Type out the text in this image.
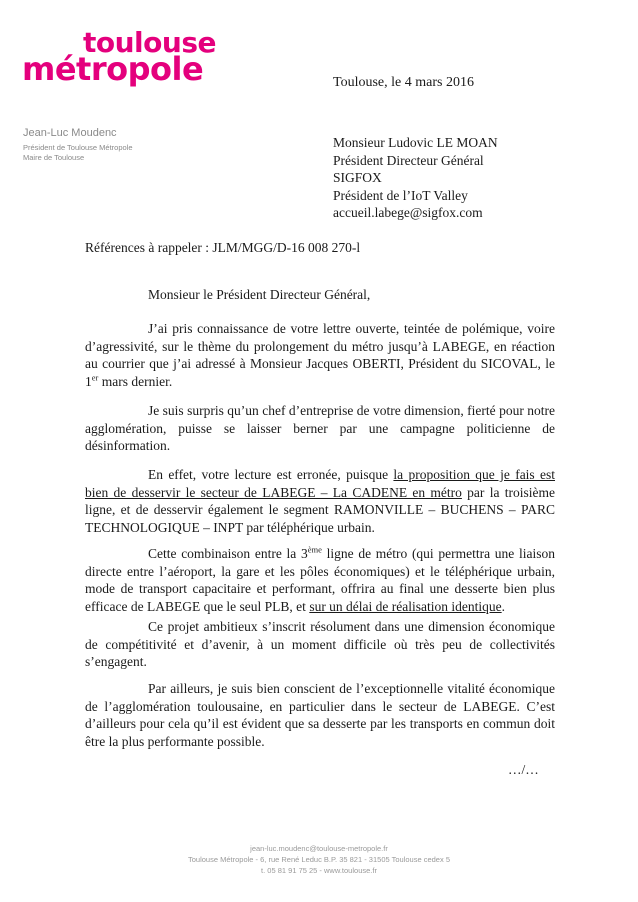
toulouse
métropole
Jean-Luc Moudenc
Président de Toulouse Métropole
Maire de Toulouse
Toulouse, le 4 mars 2016
Monsieur Ludovic LE MOAN
Président Directeur Général
SIGFOX
Président de l’IoT Valley
accueil.labege@sigfox.com
Références à rappeler : JLM/MGG/D-16 008 270-l
Monsieur le Président Directeur Général,

J’ai pris connaissance de votre lettre ouverte, teintée de polémique, voire d’agressivité, sur le thème du prolongement du métro jusqu’à LABEGE, en réaction au courrier que j’ai adressé à Monsieur Jacques OBERTI, Président du SICOVAL, le 1er mars dernier.

Je suis surpris qu’un chef d’entreprise de votre dimension, fierté pour notre agglomération, puisse se laisser berner par une campagne politicienne de désinformation.

En effet, votre lecture est erronée, puisque la proposition que je fais est bien de desservir le secteur de LABEGE – La CADENE en métro par la troisième ligne, et de desservir également le segment RAMONVILLE – BUCHENS – PARC TECHNOLOGIQUE – INPT par téléphérique urbain.

Cette combinaison entre la 3ème ligne de métro (qui permettra une liaison directe entre l’aéroport, la gare et les pôles économiques) et le téléphérique urbain, mode de transport capacitaire et performant, offrira au final une desserte bien plus efficace de LABEGE que le seul PLB, et sur un délai de réalisation identique.

Ce projet ambitieux s’inscrit résolument dans une dimension économique de compétitivité et d’avenir, à un moment difficile où très peu de collectivités s’engagent.

Par ailleurs, je suis bien conscient de l’exceptionnelle vitalité économique de l’agglomération toulousaine, en particulier dans le secteur de LABEGE. C’est d’ailleurs pour cela qu’il est évident que sa desserte par les transports en commun doit être la plus performante possible.

…/…
jean-luc.moudenc@toulouse-metropole.fr
Toulouse Métropole - 6, rue René Leduc B.P. 35 821 - 31505 Toulouse cedex 5
t. 05 81 91 75 25 - www.toulouse.fr
